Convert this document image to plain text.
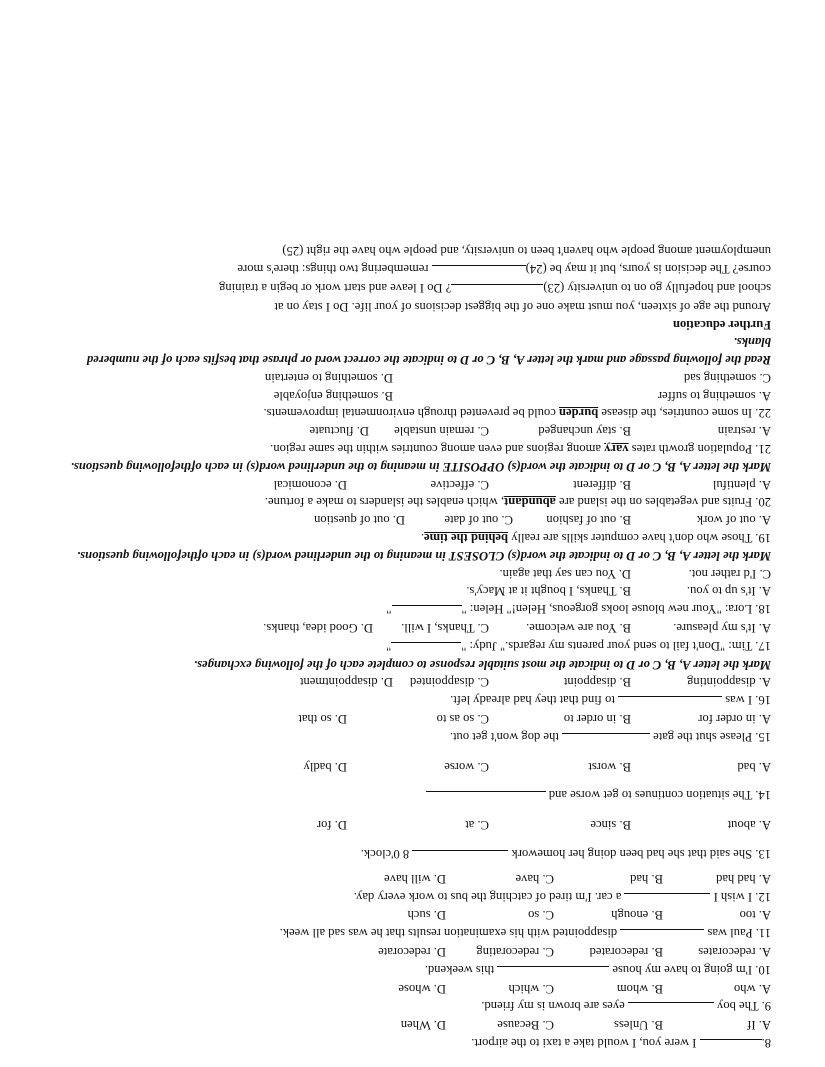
8. I were you, I would take a taxi to the airport.
A. If
B. Unless
C. Because
D. When
9. The boy  eyes are brown is my friend.
A. who
B. whom
C. which
D. whose
10. I'm going to have my house  this weekend.
A. redecorates
B. redecorated
C. redecorating
D. redecorate
11. Paul was  disappointed with his examination results that he was sad all week.
A. too
B. enough
C. so
D. such
12. I wish I  a car. I'm tired of catching the bus to work every day.
A. had had
B. had
C. have
D. will have
13. She said that she had been doing her homework  8 0'clock.
A. about
B. since
C. at
D. for
14. The situation continues to get worse and
A. bad
B. worst
C. worse
D. badly
15. Please shut the gate  the dog won't get out.
A. in order for
B. in order to
C. so as to
D. so that
16. I was  to find that they had already left.
A. disappointing
B. disappoint
C. disappointed
D. disappointment
Mark the letter A, B, C or D to indicate the most suitable response to complete each of the following exchanges.
17. Tim: "Don't fail to send your parents my regards." Judy: ""
A. It's my pleasure.
B. You are welcome.
C. Thanks, I will.
D. Good idea, thanks.
18. Lora: "Your new blouse looks gorgeous, Helen!" Helen: ""
A. It's up to you.
B. Thanks, I bought it at Macy's.
C. I'd rather not.
D. You can say that again.
Mark the letter A, B, C or D to indicate the word(s) CLOSEST in meaning to the underlined word(s) in each ofthefollowing questions.
19. Those who don't have computer skills are really behind the time.
A. out of work
B. out of fashion
C. out of date
D. out of question
20. Fruits and vegetables on the island are abundant, which enables the islanders to make a fortune.
A. plentiful
B. different
C. effective
D. economical
Mark the letter A, B, C or D to indicate the word(s) OPPOSITE in meaning to the underlined word(s) in each ofthefollowing questions.
21. Population growth rates vary among regions and even among countries within the same region.
A. restrain
B. stay unchanged
C. remain unstable
D. fluctuate
22. In some countries, the disease burden could be prevented through environmental improvements.
A. something to suffer
B. something enjoyable
C. something sad
D. something to entertain
Read the following passage and mark the letter A, B, C or D to indicate the correct word or phrase that besfits each of the numbered blanks.
Further education
Around the age of sixteen, you must make one of the biggest decisions of your life. Do I stay on at
school and hopefully go on to university (23)? Do I leave and start work or begin a training
course? The decision is yours, but it may be (24) remembering two things: there's more
unemployment among people who haven't been to university, and people who have the right (25)
